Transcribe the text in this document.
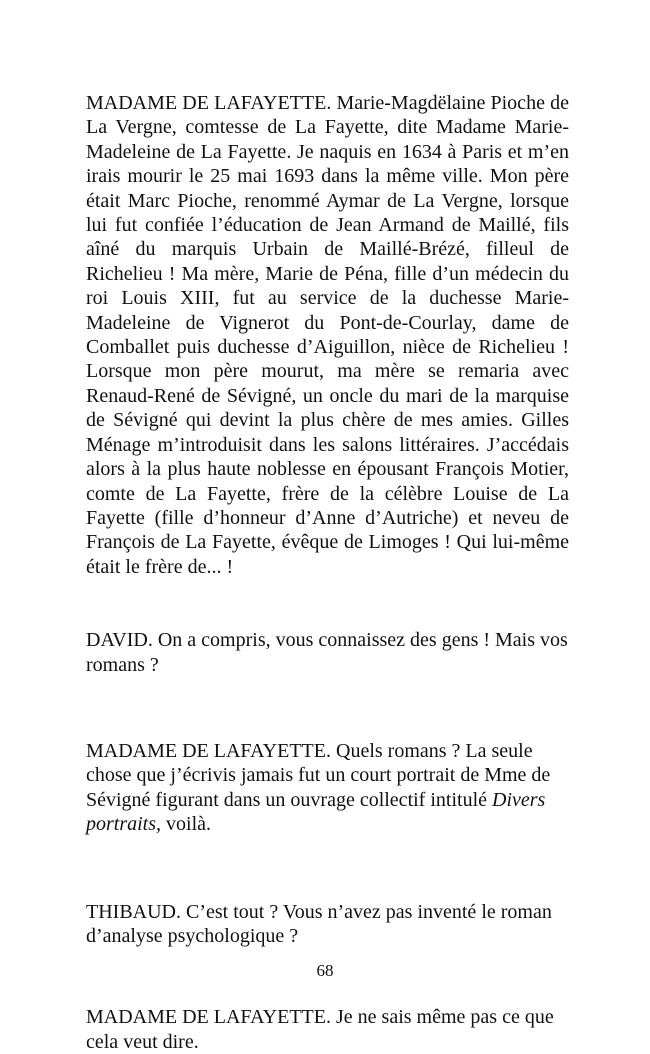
MADAME DE LAFAYETTE. Marie-Magdëlaine Pioche de La Vergne, comtesse de La Fayette, dite Madame Marie-Madeleine de La Fayette. Je naquis en 1634 à Paris et m’en irais mourir le 25 mai 1693 dans la même ville. Mon père était Marc Pioche, renommé Aymar de La Vergne, lorsque lui fut confiée l’éducation de Jean Armand de Maillé, fils aîné du marquis Urbain de Maillé-Brézé, filleul de Richelieu ! Ma mère, Marie de Péna, fille d’un médecin du roi Louis XIII, fut au service de la duchesse Marie-Madeleine de Vignerot du Pont-de-Courlay, dame de Comballet puis duchesse d’Aiguillon, nièce de Richelieu ! Lorsque mon père mourut, ma mère se remaria avec Renaud-René de Sévigné, un oncle du mari de la marquise de Sévigné qui devint la plus chère de mes amies. Gilles Ménage m’introduisit dans les salons littéraires. J’accédais alors à la plus haute noblesse en épousant François Motier, comte de La Fayette, frère de la célèbre Louise de La Fayette (fille d’honneur d’Anne d’Autriche) et neveu de François de La Fayette, évêque de Limoges ! Qui lui-même était le frère de... !

DAVID. On a compris, vous connaissez des gens ! Mais vos romans ?

MADAME DE LAFAYETTE. Quels romans ? La seule chose que j’écrivis jamais fut un court portrait de Mme de Sévigné figurant dans un ouvrage collectif intitulé Divers portraits, voilà.

THIBAUD. C’est tout ? Vous n’avez pas inventé le roman d’analyse psychologique ?

MADAME DE LAFAYETTE. Je ne sais même pas ce que cela veut dire.

68
